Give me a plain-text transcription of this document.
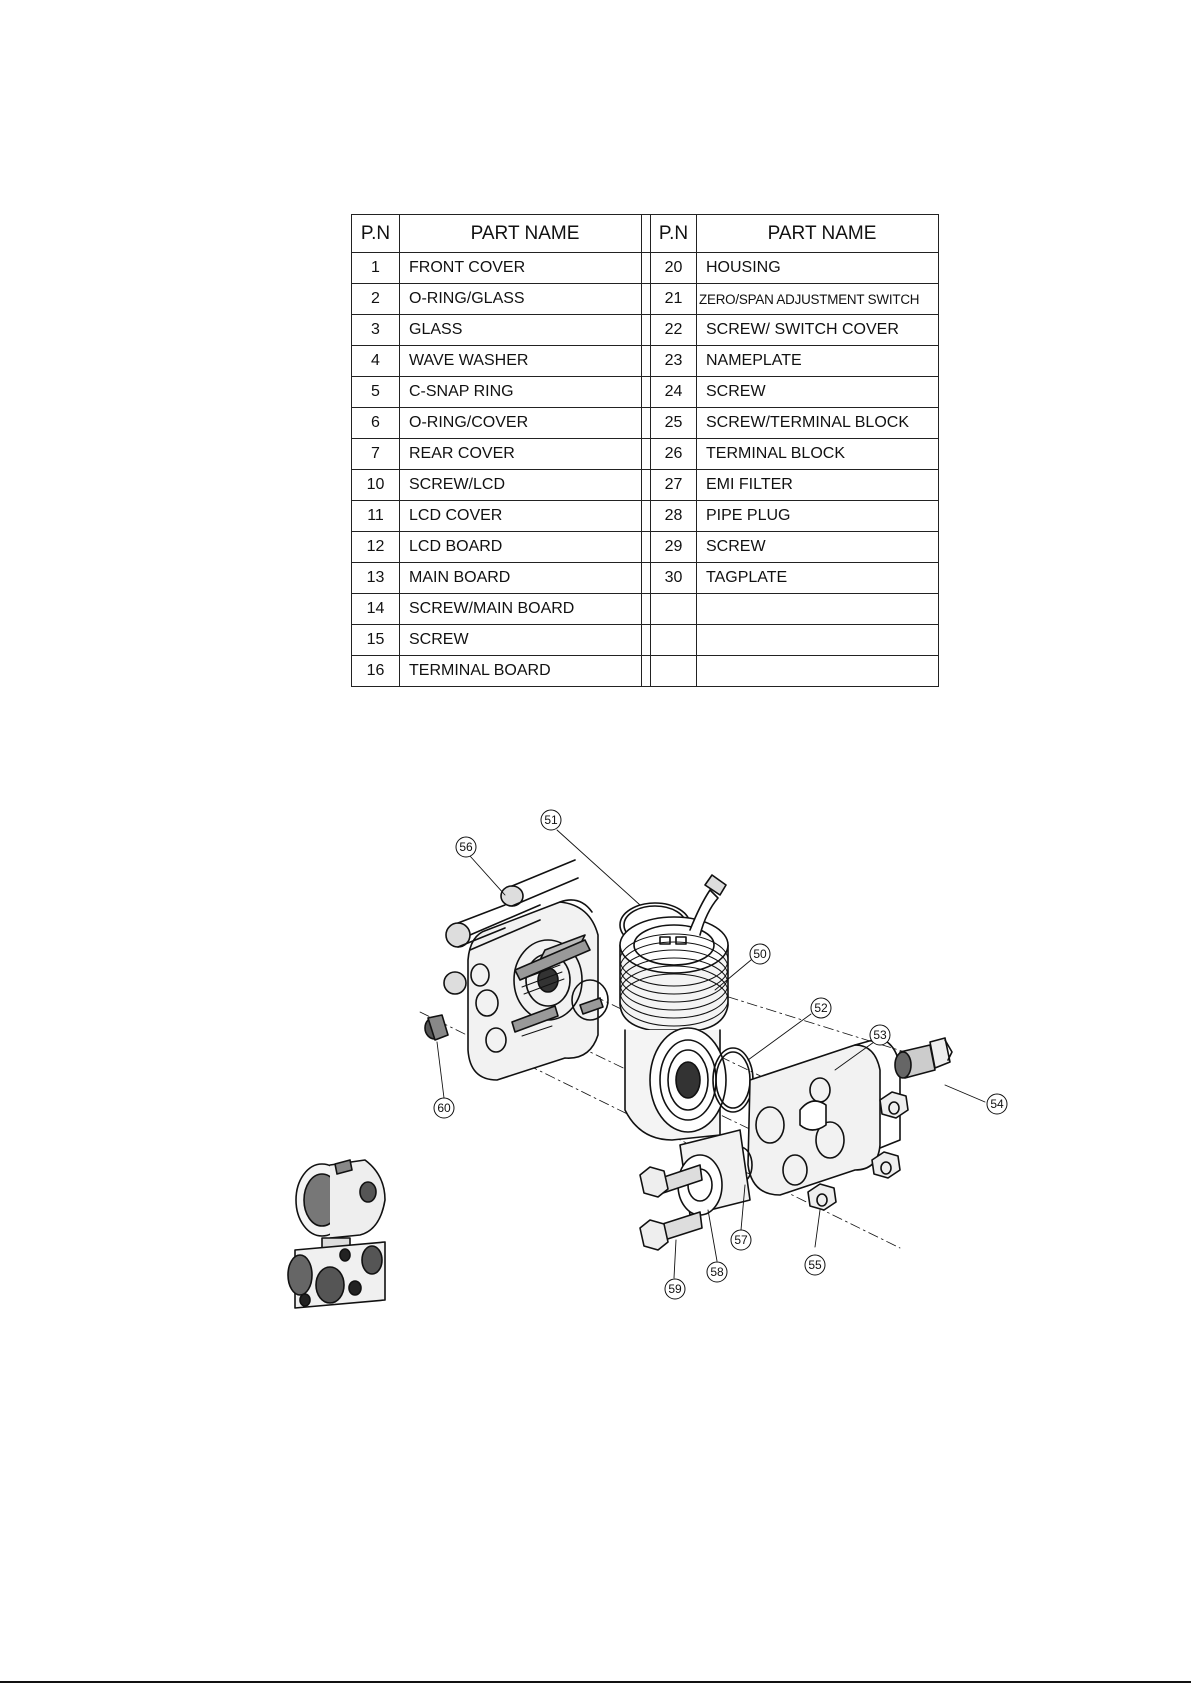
P.N	PART NAME		P.N	PART NAME
1	FRONT COVER		20	HOUSING
2	O-RING/GLASS		21	ZERO/SPAN ADJUSTMENT SWITCH
3	GLASS		22	SCREW/ SWITCH COVER
4	WAVE WASHER		23	NAMEPLATE
5	C-SNAP RING		24	SCREW
6	O-RING/COVER		25	SCREW/TERMINAL BLOCK
7	REAR COVER		26	TERMINAL BLOCK
10	SCREW/LCD		27	EMI FILTER
11	LCD COVER		28	PIPE PLUG
12	LCD BOARD		29	SCREW
13	MAIN BOARD		30	TAGPLATE
14	SCREW/MAIN BOARD			
15	SCREW			
16	TERMINAL BOARD			
51
56
50
52
53
54
60
57
55
58
59
